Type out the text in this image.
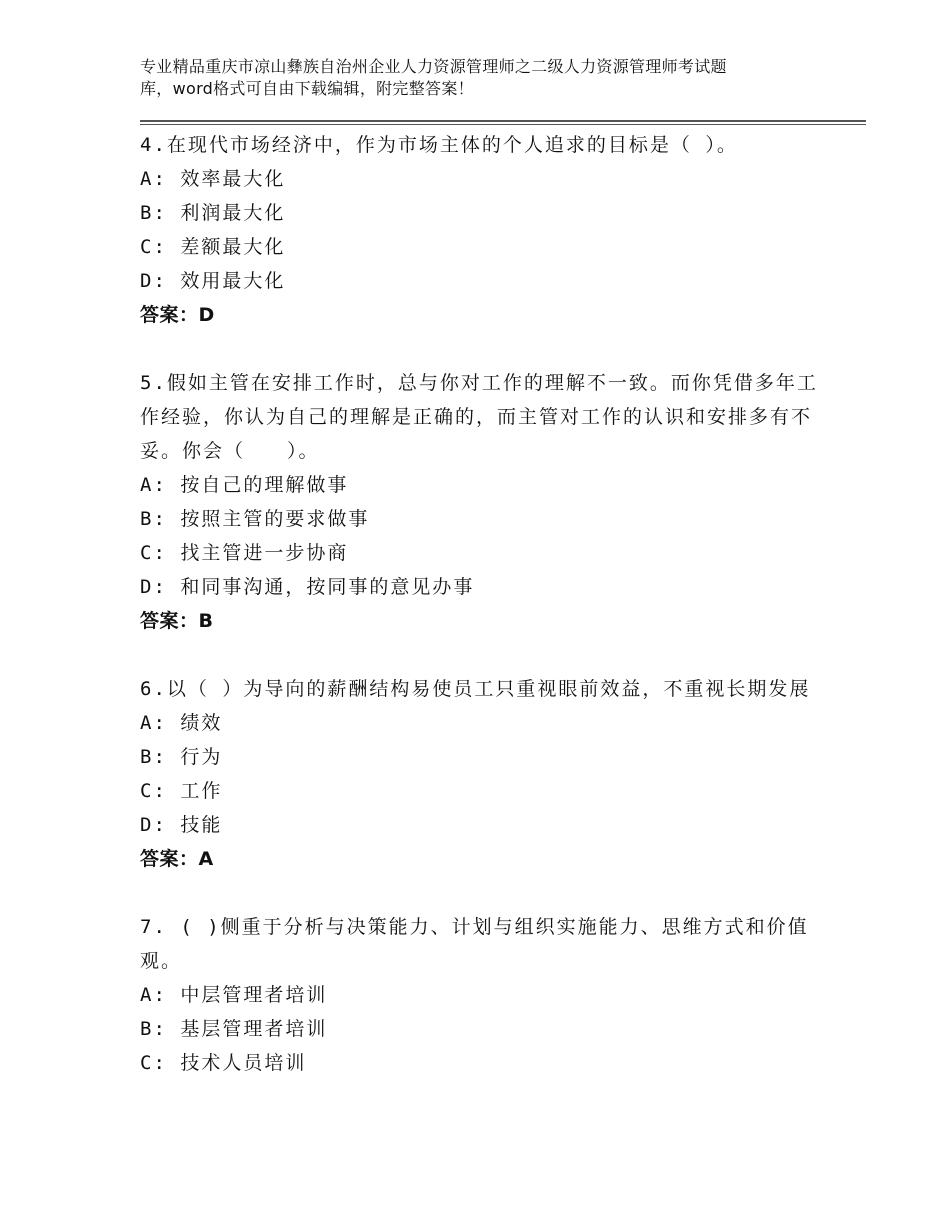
专业精品重庆市凉山彝族自治州企业人力资源管理师之二级人力资源管理师考试题
库，word格式可自由下载编辑，附完整答案！
4.在现代市场经济中，作为市场主体的个人追求的目标是（ ）。
A: 效率最大化
B: 利润最大化
C: 差额最大化
D: 效用最大化
答案：D
5.假如主管在安排工作时，总与你对工作的理解不一致。而你凭借多年工作经验，你认为自己的理解是正确的，而主管对工作的认识和安排多有不妥。你会（　　）。
A: 按自己的理解做事
B: 按照主管的要求做事
C: 找主管进一步协商
D: 和同事沟通，按同事的意见办事
答案：B
6.以（ ）为导向的薪酬结构易使员工只重视眼前效益，不重视长期发展
A: 绩效
B: 行为
C: 工作
D: 技能
答案：A
7. ( )侧重于分析与决策能力、计划与组织实施能力、思维方式和价值观。
A: 中层管理者培训
B: 基层管理者培训
C: 技术人员培训
